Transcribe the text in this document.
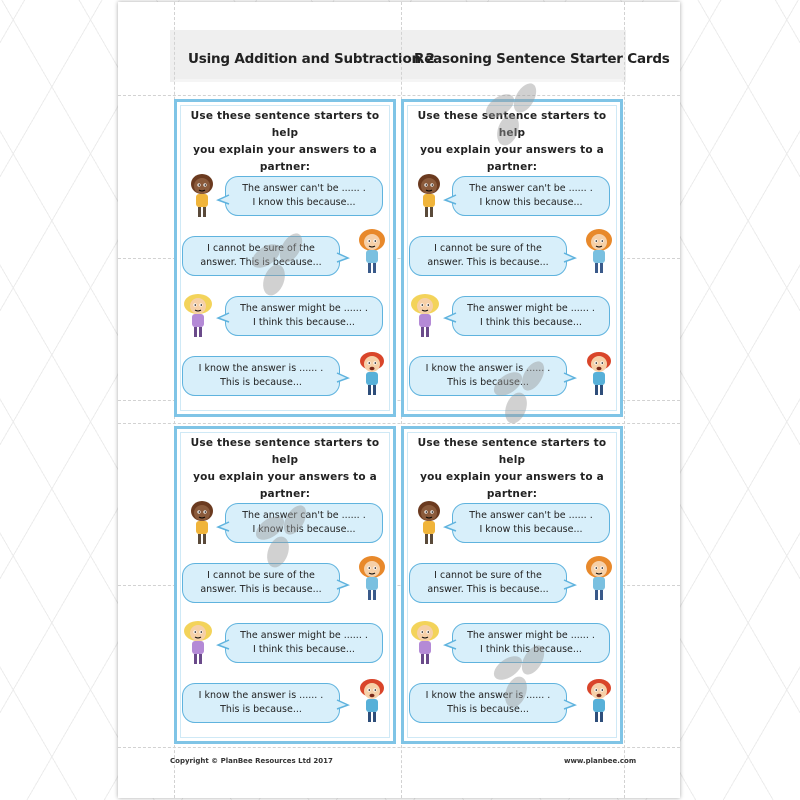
Using Addition and Subtraction 2
Reasoning Sentence Starter Cards
Use these sentence starters to help
you explain your answers to a
partner:
The answer can't be ...... .
I know this because...
I cannot be sure of the
answer. This is because...
The answer might be ...... .
I think this because...
I know the answer is ...... .
This is because...
Use these sentence starters to help
you explain your answers to a
partner:
The answer can't be ...... .
I know this because...
I cannot be sure of the
answer. This is because...
The answer might be ...... .
I think this because...
I know the answer is ...... .
This is because...
Use these sentence starters to help
you explain your answers to a
partner:
The answer can't be ...... .
I know this because...
I cannot be sure of the
answer. This is because...
The answer might be ...... .
I think this because...
I know the answer is ...... .
This is because...
Use these sentence starters to help
you explain your answers to a
partner:
The answer can't be ...... .
I know this because...
I cannot be sure of the
answer. This is because...
The answer might be ...... .
I think this because...
I know the answer is ...... .
This is because...
Copyright © PlanBee Resources Ltd 2017	www.planbee.com
